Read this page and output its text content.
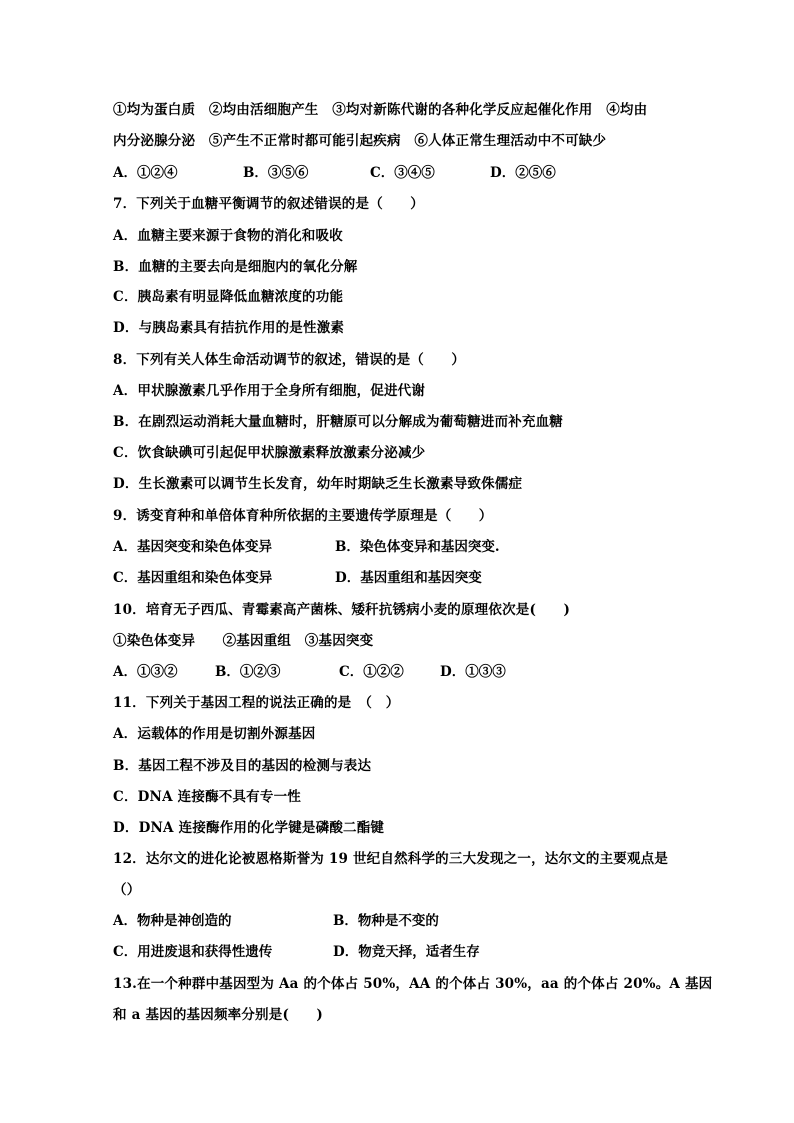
①均为蛋白质　②均由活细胞产生　③均对新陈代谢的各种化学反应起催化作用　④均由
内分泌腺分泌　⑤产生不正常时都可能引起疾病　⑥人体正常生理活动中不可缺少
A．①②④	B．③⑤⑥	C．③④⑤	D．②⑤⑥
7．下列关于血糖平衡调节的叙述错误的是（　　）
A．血糖主要来源于食物的消化和吸收
B．血糖的主要去向是细胞内的氧化分解
C．胰岛素有明显降低血糖浓度的功能
D．与胰岛素具有拮抗作用的是性激素
8．下列有关人体生命活动调节的叙述，错误的是（　　）
A．甲状腺激素几乎作用于全身所有细胞，促进代谢
B．在剧烈运动消耗大量血糖时，肝糖原可以分解成为葡萄糖进而补充血糖
C．饮食缺碘可引起促甲状腺激素释放激素分泌减少
D．生长激素可以调节生长发育，幼年时期缺乏生长激素导致侏儒症
9．诱变育种和单倍体育种所依据的主要遗传学原理是（　　）
A．基因突变和染色体变异	B．染色体变异和基因突变.
C．基因重组和染色体变异	D．基因重组和基因突变
10．培育无子西瓜、青霉素高产菌株、矮秆抗锈病小麦的原理依次是(　　)
①染色体变异　　②基因重组　③基因突变
A．①③②	B．①②③	C．①②②	D．①③③
11．下列关于基因工程的说法正确的是　（　）
A．运载体的作用是切割外源基因
B．基因工程不涉及目的基因的检测与表达
C．DNA 连接酶不具有专一性
D．DNA 连接酶作用的化学键是磷酸二酯键
12．达尔文的进化论被恩格斯誉为 19 世纪自然科学的三大发现之一，达尔文的主要观点是
（）
A．物种是神创造的	B．物种是不变的
C．用进废退和获得性遗传	D．物竞天择，适者生存
13.在一个种群中基因型为 Aa 的个体占 50%，AA 的个体占 30%，aa 的个体占 20%。A 基因
和 a 基因的基因频率分别是(　　)
